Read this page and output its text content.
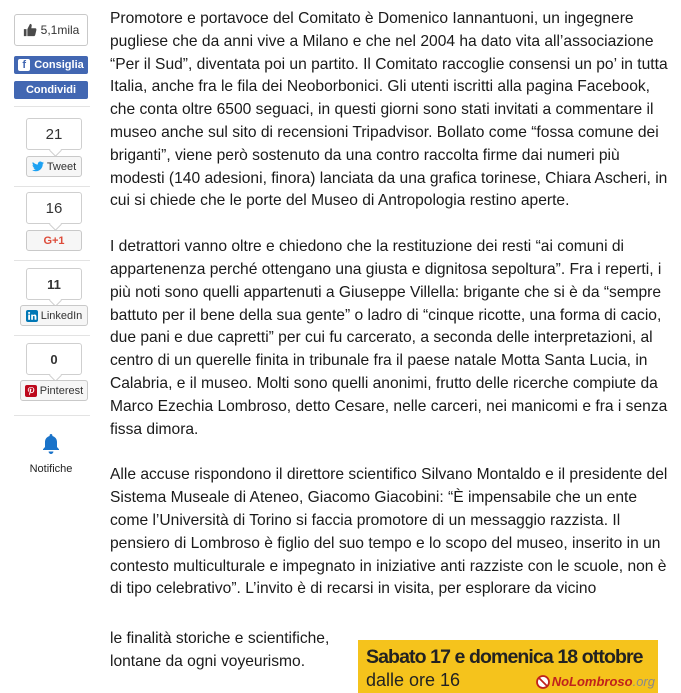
5,1mila
f Consiglia
Condividi
21
Tweet
16
G+1
11
LinkedIn
0
Pinterest
Notifiche

Promotore e portavoce del Comitato è Domenico Iannantuoni, un ingegnere pugliese che da anni vive a Milano e che nel 2004 ha dato vita all’associazione “Per il Sud”, diventata poi un partito. Il Comitato raccoglie consensi un po’ in tutta Italia, anche fra le fila dei Neoborbonici. Gli utenti iscritti alla pagina Facebook, che conta oltre 6500 seguaci, in questi giorni sono stati invitati a commentare il museo anche sul sito di recensioni Tripadvisor. Bollato come “fossa comune dei briganti”, viene però sostenuto da una contro raccolta firme dai numeri più modesti (140 adesioni, finora) lanciata da una grafica torinese, Chiara Ascheri, in cui si chiede che le porte del Museo di Antropologia restino aperte.

I detrattori vanno oltre e chiedono che la restituzione dei resti “ai comuni di appartenenza perché ottengano una giusta e dignitosa sepoltura”. Fra i reperti, i più noti sono quelli appartenuti a Giuseppe Villella: brigante che si è da “sempre battuto per il bene della sua gente” o ladro di “cinque ricotte, una forma di cacio, due pani e due capretti” per cui fu carcerato, a seconda delle interpretazioni, al centro di un querelle finita in tribunale fra il paese natale Motta Santa Lucia, in Calabria, e il museo. Molti sono quelli anonimi, frutto delle ricerche compiute da Marco Ezechia Lombroso, detto Cesare, nelle carceri, nei manicomi e fra i senza fissa dimora.

Alle accuse rispondono il direttore scientifico Silvano Montaldo e il presidente del Sistema Museale di Ateneo, Giacomo Giacobini: “È impensabile che un ente come l’Università di Torino si faccia promotore di un messaggio razzista. Il pensiero di Lombroso è figlio del suo tempo e lo scopo del museo, inserito in un contesto multiculturale e impegnato in iniziative anti razziste con le scuole, non è di tipo celebrativo”. L’invito è di recarsi in visita, per esplorare da vicino

le finalità storiche e scientifiche,
lontane da ogni voyeurismo.	Sabato 17 e domenica 18 ottobre
dalle ore 16	NoLombroso .org
